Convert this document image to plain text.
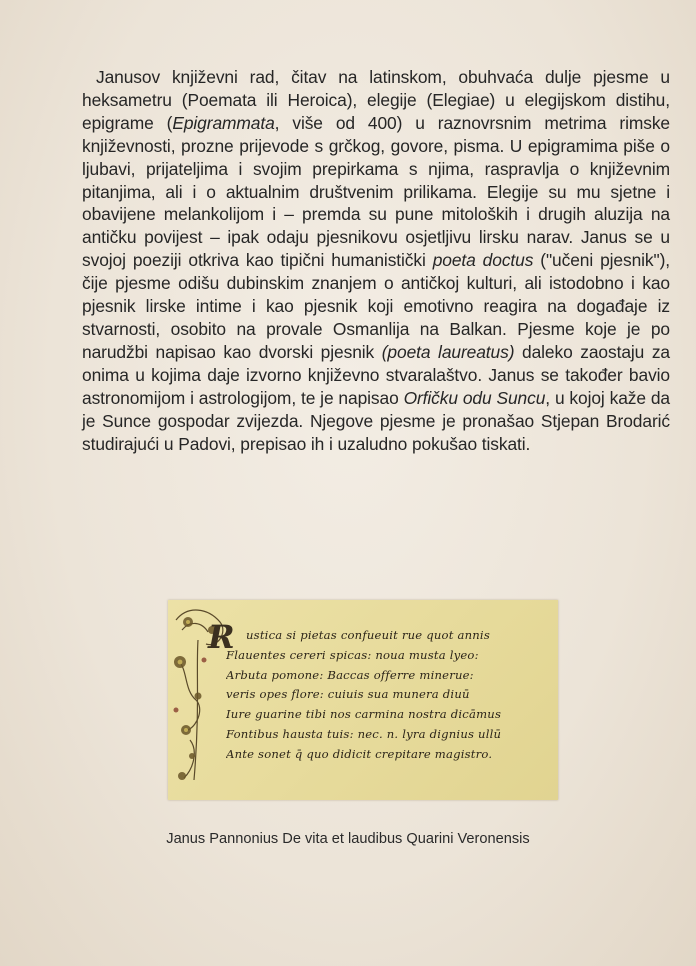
Janusov književni rad, čitav na latinskom, obuhvaća dulje pjesme u heksametru (Poemata ili Heroica), elegije (Elegiae) u elegijskom distihu, epigrame (Epigrammata, više od 400) u raznovrsnim metrima rimske književnosti, prozne prijevode s grčkog, govore, pisma. U epigramima piše o ljubavi, prijateljima i svojim prepirkama s njima, raspravlja o književnim pitanjima, ali i o aktualnim društvenim prilikama. Elegije su mu sjetne i obavijene melankolijom i – premda su pune mitoloških i drugih aluzija na antičku povijest – ipak odaju pjesnikovu osjetljivu lirsku narav. Janus se u svojoj poeziji otkriva kao tipični humanistički poeta doctus ("učeni pjesnik"), čije pjesme odišu dubinskim znanjem o antičkoj kulturi, ali istodobno i kao pjesnik lirske intime i kao pjesnik koji emotivno reagira na događaje iz stvarnosti, osobito na provale Osmanlija na Balkan. Pjesme koje je po narudžbi napisao kao dvorski pjesnik (poeta laureatus) daleko zaostaju za onima u kojima daje izvorno književno stvaralaštvo. Janus se također bavio astronomijom i astrologijom, te je napisao Orfičku odu Suncu, u kojoj kaže da je Sunce gospodar zvijezda. Njegove pjesme je pronašao Stjepan Brodarić studirajući u Padovi, prepisao ih i uzaludno pokušao tiskati.

R ustica si pietas confueuit rue quot annis
Flauentes cereri spicas: noua musta lyeo:
Arbuta pomone: Baccas offerre minerue:
veris opes flore: cuiuis sua munera diuū
Iure guarine tibi nos carmina nostra dicāmus
Fontibus hausta tuis: nec. n. lyra dignius ullū
Ante sonet q̄ quo didicit crepitare magistro.

Janus Pannonius De vita et laudibus Quarini Veronensis
